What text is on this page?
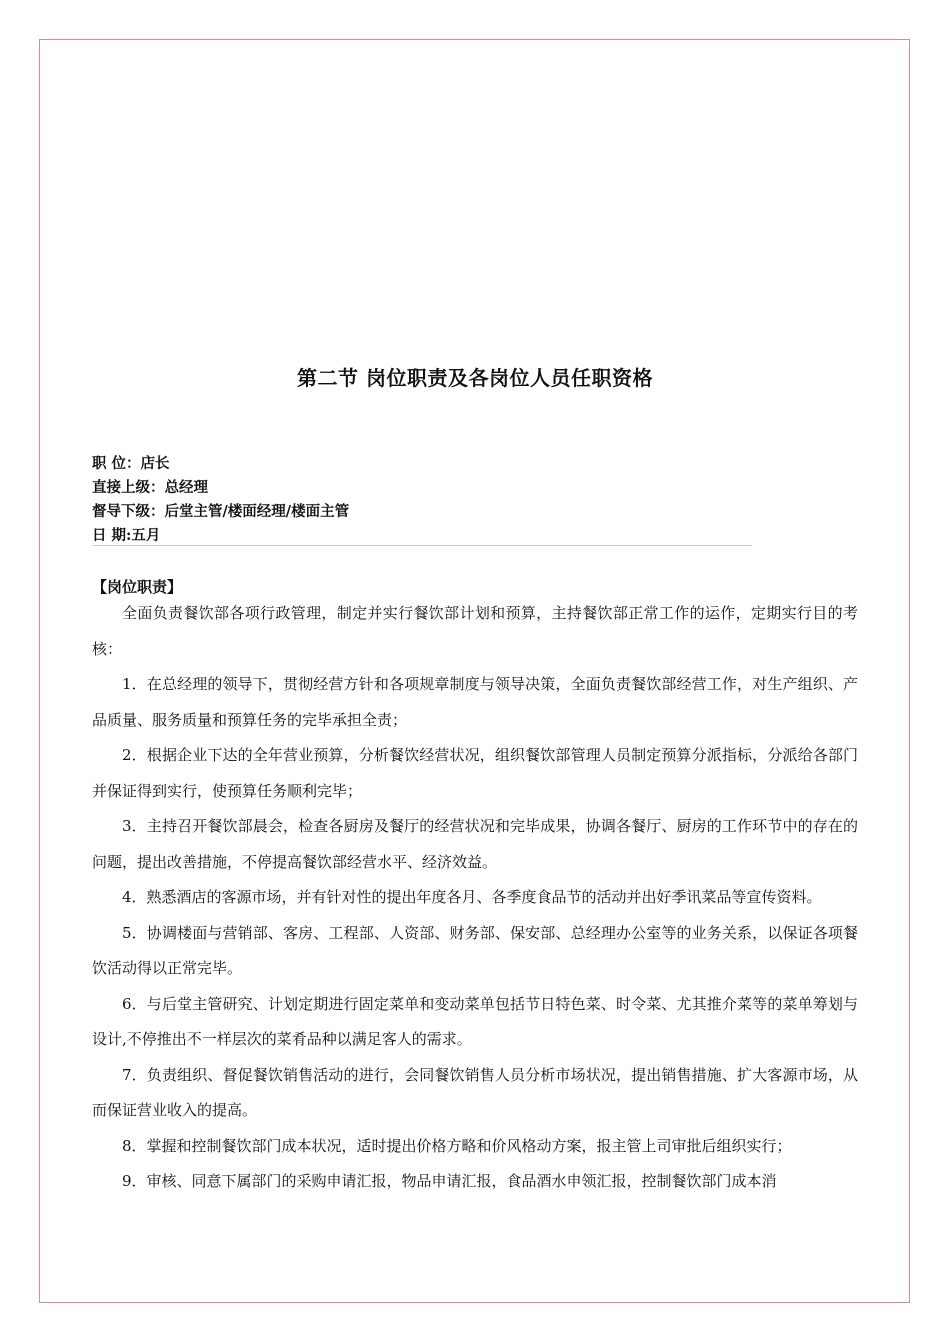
第二节 岗位职责及各岗位人员任职资格
职 位：店长
直接上级：总经理
督导下级：后堂主管/楼面经理/楼面主管
日 期:五月
【岗位职责】

全面负责餐饮部各项行政管理，制定并实行餐饮部计划和预算，主持餐饮部正常工作的运作，定期实行目的考核：

1．在总经理的领导下，贯彻经营方针和各项规章制度与领导决策，全面负责餐饮部经营工作，对生产组织、产品质量、服务质量和预算任务的完毕承担全责；

2．根据企业下达的全年营业预算，分析餐饮经营状况，组织餐饮部管理人员制定预算分派指标，分派给各部门并保证得到实行，使预算任务顺利完毕；

3．主持召开餐饮部晨会，检查各厨房及餐厅的经营状况和完毕成果，协调各餐厅、厨房的工作环节中的存在的问题，提出改善措施，不停提高餐饮部经营水平、经济效益。

4．熟悉酒店的客源市场，并有针对性的提出年度各月、各季度食品节的活动并出好季讯菜品等宣传资料。

5．协调楼面与营销部、客房、工程部、人资部、财务部、保安部、总经理办公室等的业务关系，以保证各项餐饮活动得以正常完毕。

6．与后堂主管研究、计划定期进行固定菜单和变动菜单包括节日特色菜、时令菜、尤其推介菜等的菜单筹划与设计,不停推出不一样层次的菜肴品种以满足客人的需求。

7．负责组织、督促餐饮销售活动的进行，会同餐饮销售人员分析市场状况，提出销售措施、扩大客源市场，从而保证营业收入的提高。

8．掌握和控制餐饮部门成本状况，适时提出价格方略和价风格动方案，报主管上司审批后组织实行；

9．审核、同意下属部门的采购申请汇报，物品申请汇报，食品酒水申领汇报，控制餐饮部门成本消
